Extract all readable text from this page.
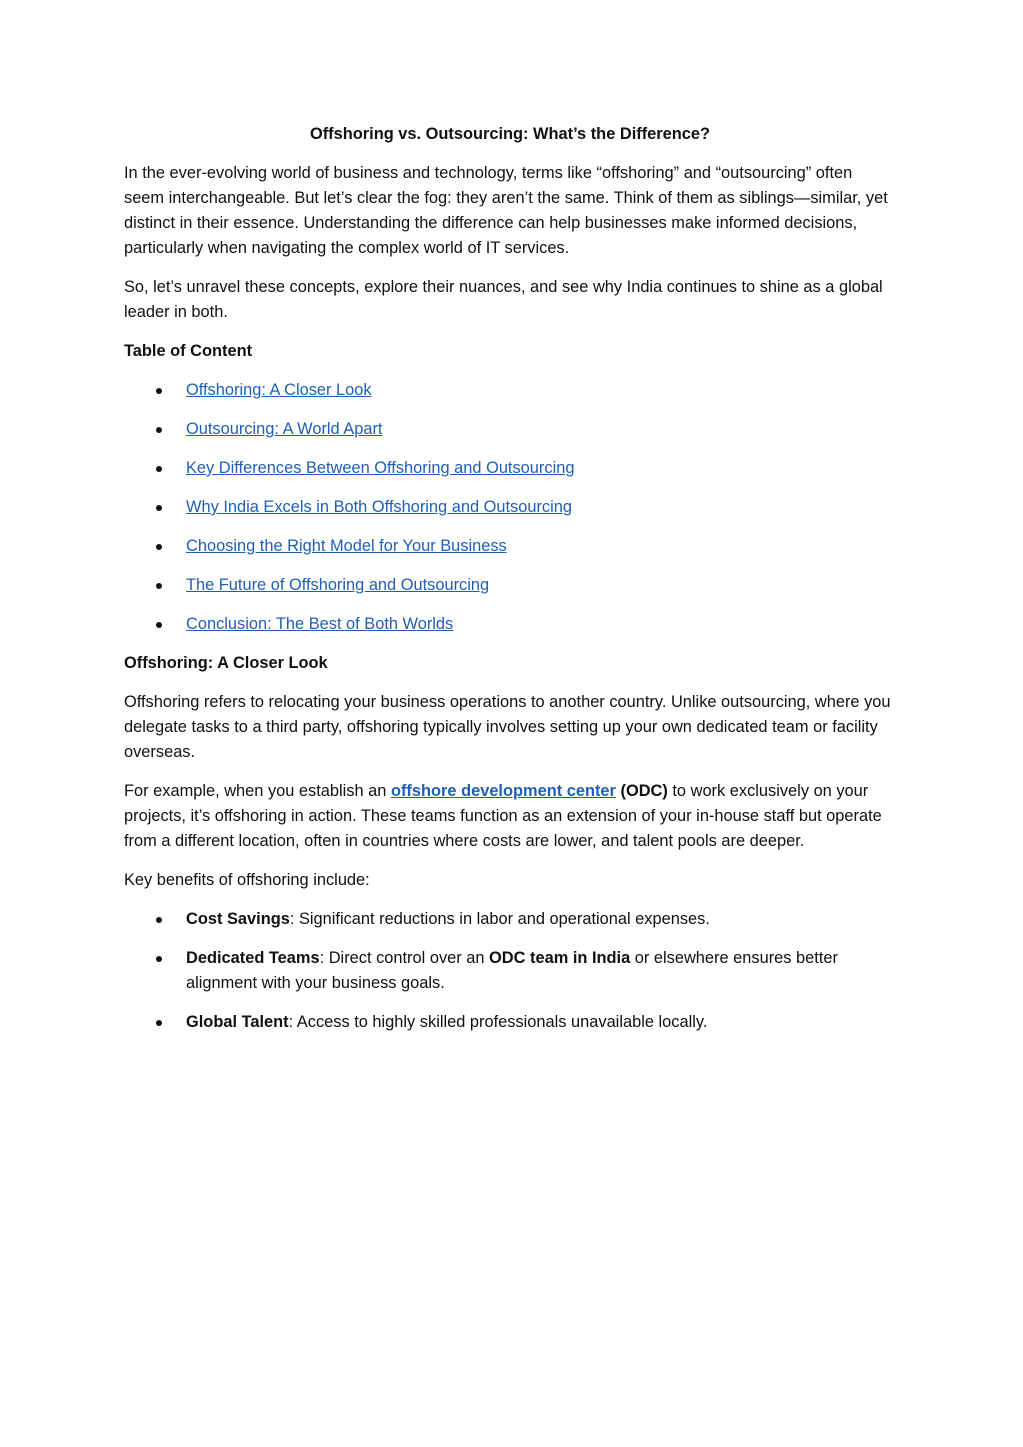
Offshoring vs. Outsourcing: What’s the Difference?

In the ever-evolving world of business and technology, terms like “offshoring” and “outsourcing” often seem interchangeable. But let’s clear the fog: they aren’t the same. Think of them as siblings—similar, yet distinct in their essence. Understanding the difference can help businesses make informed decisions, particularly when navigating the complex world of IT services.

So, let’s unravel these concepts, explore their nuances, and see why India continues to shine as a global leader in both.

Table of Content

Offshoring: A Closer Look
Outsourcing: A World Apart
Key Differences Between Offshoring and Outsourcing
Why India Excels in Both Offshoring and Outsourcing
Choosing the Right Model for Your Business
The Future of Offshoring and Outsourcing
Conclusion: The Best of Both Worlds

Offshoring: A Closer Look

Offshoring refers to relocating your business operations to another country. Unlike outsourcing, where you delegate tasks to a third party, offshoring typically involves setting up your own dedicated team or facility overseas.

For example, when you establish an offshore development center (ODC) to work exclusively on your projects, it’s offshoring in action. These teams function as an extension of your in-house staff but operate from a different location, often in countries where costs are lower, and talent pools are deeper.

Key benefits of offshoring include:

Cost Savings: Significant reductions in labor and operational expenses.
Dedicated Teams: Direct control over an ODC team in India or elsewhere ensures better alignment with your business goals.
Global Talent: Access to highly skilled professionals unavailable locally.
